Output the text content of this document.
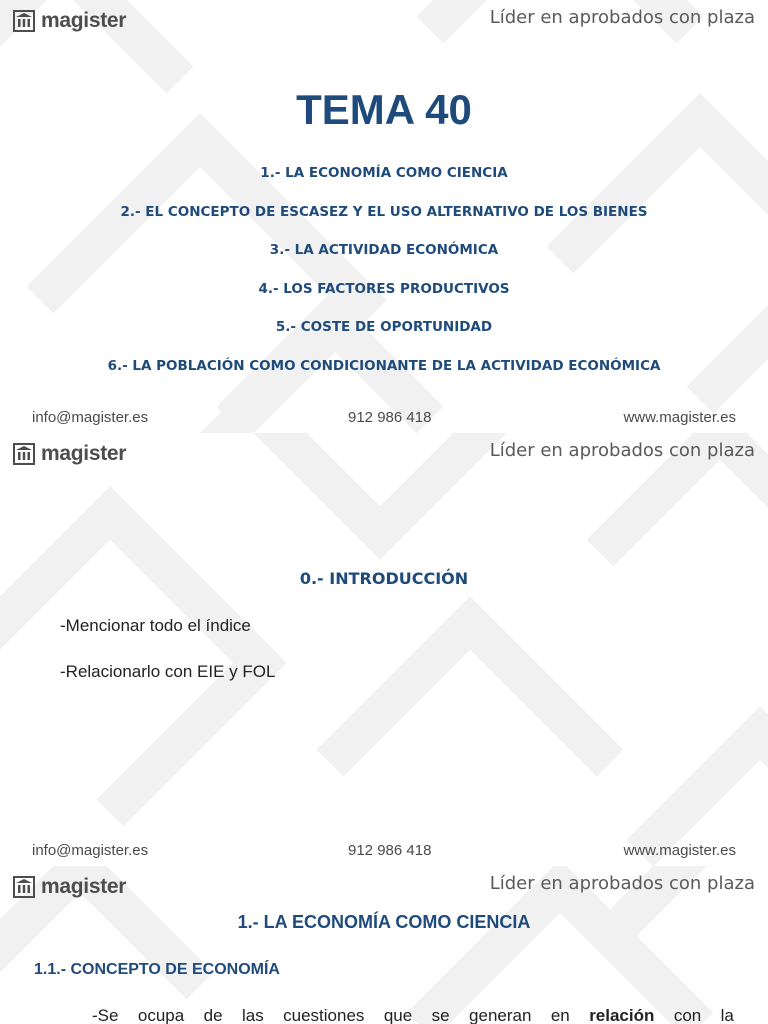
magister	Líder en aprobados con plaza
TEMA 40
1.- LA ECONOMÍA COMO CIENCIA
2.- EL CONCEPTO DE ESCASEZ Y EL USO ALTERNATIVO DE LOS BIENES
3.- LA ACTIVIDAD ECONÓMICA
4.- LOS FACTORES PRODUCTIVOS
5.- COSTE DE OPORTUNIDAD
6.- LA POBLACIÓN COMO CONDICIONANTE DE LA ACTIVIDAD ECONÓMICA
info@magister.es	912 986 418	www.magister.es
magister	Líder en aprobados con plaza
0.- INTRODUCCIÓN
-Mencionar todo el índice
-Relacionarlo con EIE y FOL
info@magister.es	912 986 418	www.magister.es
magister	Líder en aprobados con plaza
1.- LA ECONOMÍA COMO CIENCIA
1.1.- CONCEPTO DE ECONOMÍA

-Se ocupa de las cuestiones que se generan en relación con la
